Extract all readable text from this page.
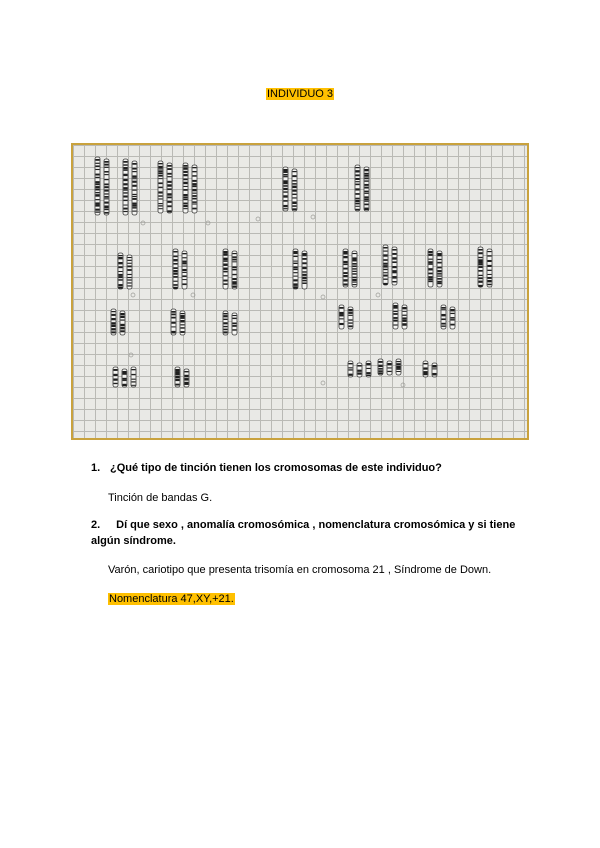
INDIVIDUO 3
1. ¿Qué tipo de tinción tienen los cromosomas de este individuo?
Tinción de bandas G.
2. Dí que sexo , anomalía cromosómica , nomenclatura cromosómica y si tiene
algún síndrome.
Varón, cariotipo que presenta trisomía en cromosoma 21 , Síndrome de Down.
Nomenclatura 47,XY,+21.
